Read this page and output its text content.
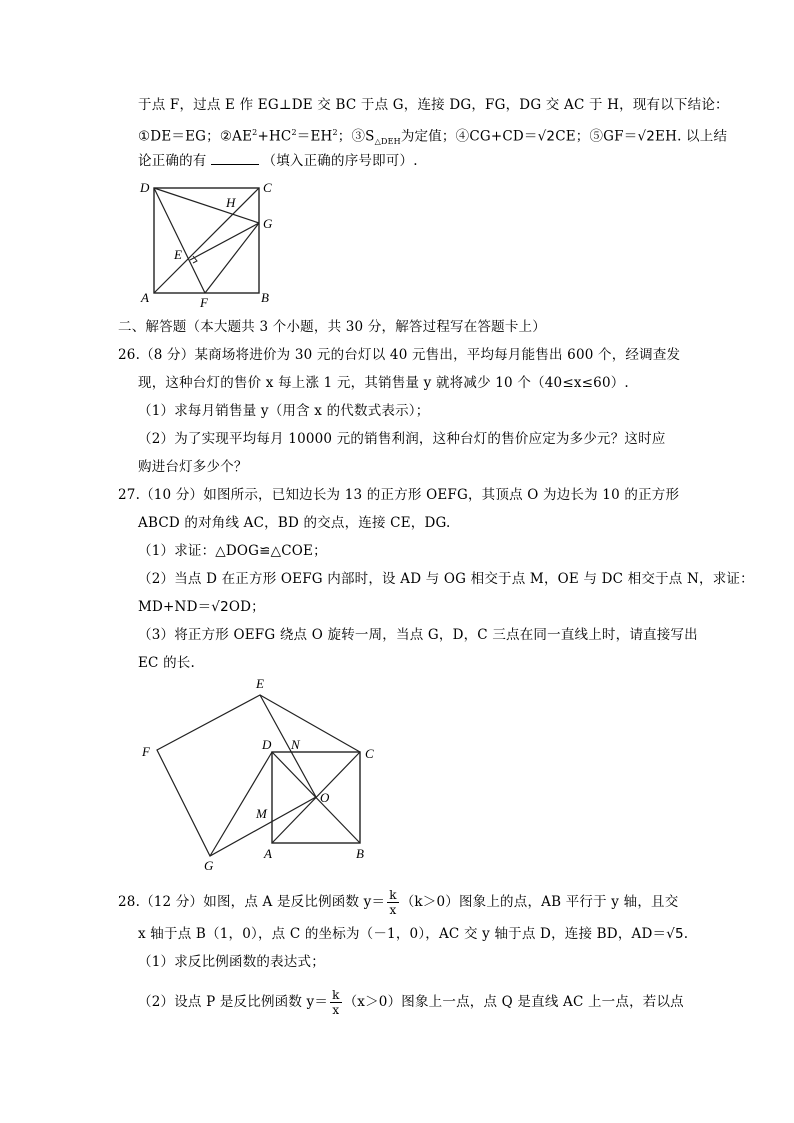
于点 F，过点 E 作 EG⊥DE 交 BC 于点 G，连接 DG，FG，DG 交 AC 于 H，现有以下结论：
①DE＝EG；$②AE^2+HC^2=EH^2$；$③S_{\triangle DEH}$为定值；④CG+CD＝√2CE；⑤GF＝√2EH. 以上结
论正确的有	（填入正确的序号即可）.
D	C
H
G
E
A	F	B
二、解答题（本大题共 3 个小题，共 30 分，解答过程写在答题卡上）
26.（8 分）某商场将进价为 30 元的台灯以 40 元售出，平均每月能售出 600 个，经调查发
现，这种台灯的售价 x 每上涨 1 元，其销售量 y 就将减少 10 个（40≤x≤60）.
（1）求每月销售量 y（用含 x 的代数式表示）；
（2）为了实现平均每月 10000 元的销售利润，这种台灯的售价应定为多少元？这时应
购进台灯多少个？
27.（10 分）如图所示，已知边长为 13 的正方形 OEFG，其顶点 O 为边长为 10 的正方形
ABCD 的对角线 AC，BD 的交点，连接 CE，DG.
（1）求证：△DOG≌△COE；
（2）当点 D 在正方形 OEFG 内部时，设 AD 与 OG 相交于点 M，OE 与 DC 相交于点 N，求证：
MD+ND＝√2OD；
（3）将正方形 OEFG 绕点 O 旋转一周，当点 G，D，C 三点在同一直线上时，请直接写出
EC 的长.
E
F	D N
C
O
M
A	B
G
28.（12 分）如图，点 A 是反比例函数 $y= \frac{k}{x} (k>0)$图象上的点，AB 平行于 y 轴，且交
x 轴于点 B（1，0），点 C 的坐标为（－1，0），AC 交 y 轴于点 D，连接 BD，AD＝√5.
（1）求反比例函数的表达式；
（2）设点 P 是反比例函数 $y= \frac{k}{x} (x>0)$图象上一点，点 Q 是直线 AC 上一点，若以点
